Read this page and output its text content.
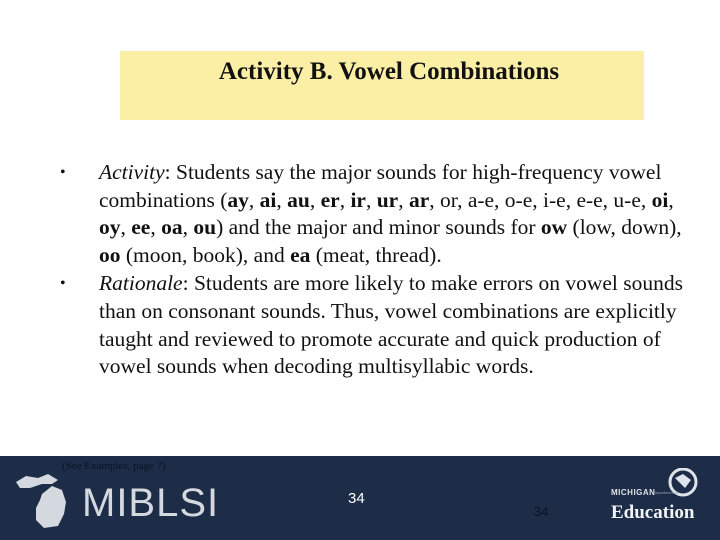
Activity B. Vowel Combinations
•	Activity: Students say the major sounds for high-frequency vowel combinations (ay, ai, au, er, ir, ur, ar, or, a-e, o-e, i-e, e-e, u-e, oi, oy, ee, oa, ou) and the major and minor sounds for ow (low, down), oo (moon, book), and ea (meat, thread).
•	Rationale: Students are more likely to make errors on vowel sounds than on consonant sounds. Thus, vowel combinations are explicitly taught and reviewed to promote accurate and quick production of vowel sounds when decoding multisyllabic words.
(See Examples, page 7)
MIBLSI	34
34
MICHIGAN
Department of
Education
